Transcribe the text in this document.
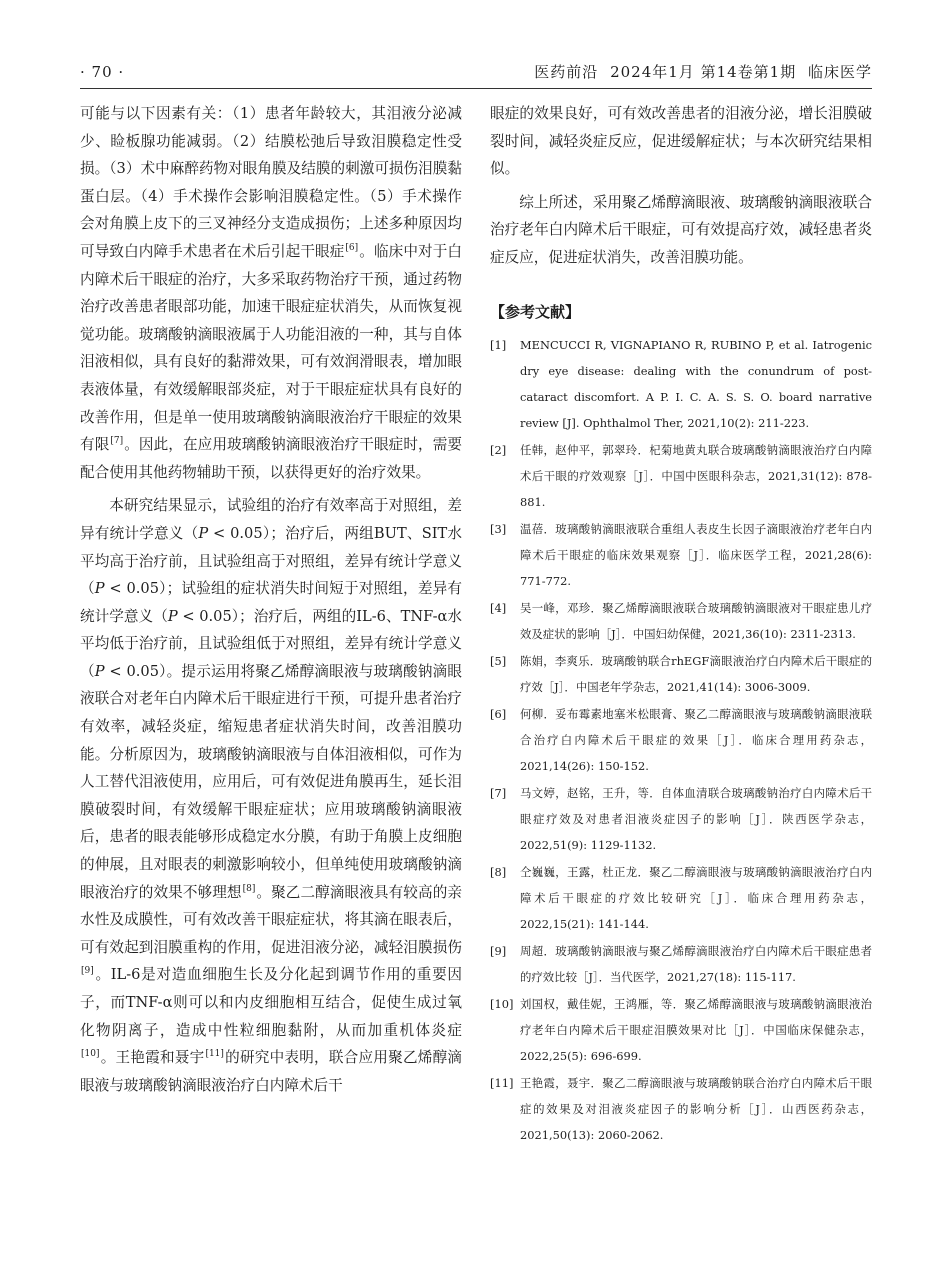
· 70 ·	医药前沿 2024年1月 第14卷第1期 临床医学

可能与以下因素有关：（1）患者年龄较大，其泪液分泌减少、睑板腺功能减弱。（2）结膜松弛后导致泪膜稳定性受损。（3）术中麻醉药物对眼角膜及结膜的刺激可损伤泪膜黏蛋白层。（4）手术操作会影响泪膜稳定性。（5）手术操作会对角膜上皮下的三叉神经分支造成损伤；上述多种原因均可导致白内障手术患者在术后引起干眼症[6]。临床中对于白内障术后干眼症的治疗，大多采取药物治疗干预，通过药物治疗改善患者眼部功能，加速干眼症症状消失，从而恢复视觉功能。玻璃酸钠滴眼液属于人功能泪液的一种，其与自体泪液相似，具有良好的黏滞效果，可有效润滑眼表，增加眼表液体量，有效缓解眼部炎症，对于干眼症症状具有良好的改善作用，但是单一使用玻璃酸钠滴眼液治疗干眼症的效果有限[7]。因此，在应用玻璃酸钠滴眼液治疗干眼症时，需要配合使用其他药物辅助干预，以获得更好的治疗效果。

本研究结果显示，试验组的治疗有效率高于对照组，差异有统计学意义（P < 0.05）；治疗后，两组BUT、SIT水平均高于治疗前，且试验组高于对照组，差异有统计学意义（P < 0.05）；试验组的症状消失时间短于对照组，差异有统计学意义（P < 0.05）；治疗后，两组的IL-6、TNF-α水平均低于治疗前，且试验组低于对照组，差异有统计学意义（P < 0.05）。提示运用将聚乙烯醇滴眼液与玻璃酸钠滴眼液联合对老年白内障术后干眼症进行干预，可提升患者治疗有效率，减轻炎症，缩短患者症状消失时间，改善泪膜功能。分析原因为，玻璃酸钠滴眼液与自体泪液相似，可作为人工替代泪液使用，应用后，可有效促进角膜再生，延长泪膜破裂时间，有效缓解干眼症症状；应用玻璃酸钠滴眼液后，患者的眼表能够形成稳定水分膜，有助于角膜上皮细胞的伸展，且对眼表的刺激影响较小，但单纯使用玻璃酸钠滴眼液治疗的效果不够理想[8]。聚乙二醇滴眼液具有较高的亲水性及成膜性，可有效改善干眼症症状，将其滴在眼表后，可有效起到泪膜重构的作用，促进泪液分泌，减轻泪膜损伤[9]。IL-6是对造血细胞生长及分化起到调节作用的重要因子，而TNF-α则可以和内皮细胞相互结合，促使生成过氧化物阴离子，造成中性粒细胞黏附，从而加重机体炎症[10]。王艳霞和聂宇[11]的研究中表明，联合应用聚乙烯醇滴眼液与玻璃酸钠滴眼液治疗白内障术后干

眼症的效果良好，可有效改善患者的泪液分泌，增长泪膜破裂时间，减轻炎症反应，促进缓解症状；与本次研究结果相似。

综上所述，采用聚乙烯醇滴眼液、玻璃酸钠滴眼液联合治疗老年白内障术后干眼症，可有效提高疗效，减轻患者炎症反应，促进症状消失，改善泪膜功能。

【参考文献】
[1] MENCUCCI R, VIGNAPIANO R, RUBINO P, et al. Iatrogenic dry eye disease: dealing with the conundrum of post-cataract discomfort. A P. I. C. A. S. S. O. board narrative review [J]. Ophthalmol Ther, 2021,10(2): 211-223.
[2] 任韩，赵仲平，郭翠玲．杞菊地黄丸联合玻璃酸钠滴眼液治疗白内障术后干眼的疗效观察［J］．中国中医眼科杂志，2021,31(12): 878-881.
[3] 温蓓．玻璃酸钠滴眼液联合重组人表皮生长因子滴眼液治疗老年白内障术后干眼症的临床效果观察［J］．临床医学工程，2021,28(6): 771-772.
[4] 吴一峰，邓珍．聚乙烯醇滴眼液联合玻璃酸钠滴眼液对干眼症患儿疗效及症状的影响［J］．中国妇幼保健，2021,36(10): 2311-2313.
[5] 陈娟，李爽乐．玻璃酸钠联合rhEGF滴眼液治疗白内障术后干眼症的疗效［J］．中国老年学杂志，2021,41(14): 3006-3009.
[6] 何柳．妥布霉素地塞米松眼膏、聚乙二醇滴眼液与玻璃酸钠滴眼液联合治疗白内障术后干眼症的效果［J］．临床合理用药杂志，2021,14(26): 150-152.
[7] 马文婷，赵铭，王升，等．自体血清联合玻璃酸钠治疗白内障术后干眼症疗效及对患者泪液炎症因子的影响［J］．陕西医学杂志，2022,51(9): 1129-1132.
[8] 仝巍巍，王露，杜正龙．聚乙二醇滴眼液与玻璃酸钠滴眼液治疗白内障术后干眼症的疗效比较研究［J］．临床合理用药杂志，2022,15(21): 141-144.
[9] 周超．玻璃酸钠滴眼液与聚乙烯醇滴眼液治疗白内障术后干眼症患者的疗效比较［J］．当代医学，2021,27(18): 115-117.
[10] 刘国权，戴佳妮，王鸿雁，等．聚乙烯醇滴眼液与玻璃酸钠滴眼液治疗老年白内障术后干眼症泪膜效果对比［J］．中国临床保健杂志，2022,25(5): 696-699.
[11] 王艳霞，聂宇．聚乙二醇滴眼液与玻璃酸钠联合治疗白内障术后干眼症的效果及对泪液炎症因子的影响分析［J］．山西医药杂志，2021,50(13): 2060-2062.
